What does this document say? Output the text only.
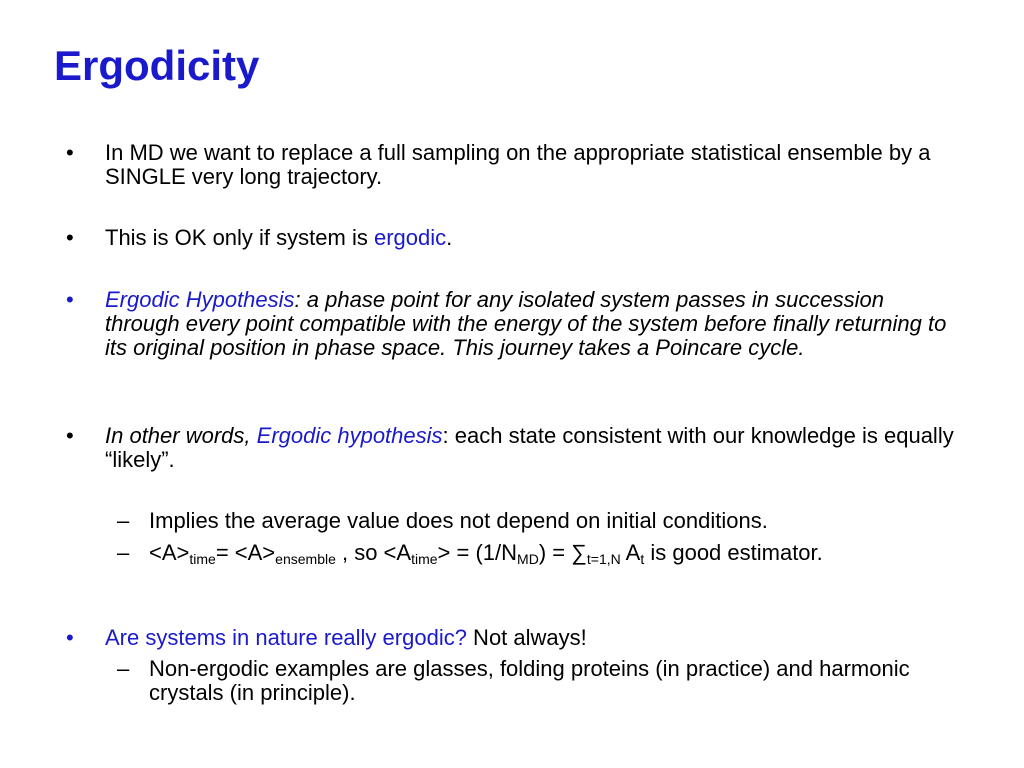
Ergodicity
• In MD we want to replace a full sampling on the appropriate statistical ensemble by a SINGLE very long trajectory.
• This is OK only if system is ergodic.
• Ergodic Hypothesis: a phase point for any isolated system passes in succession through every point compatible with the energy of the system before finally returning to its original position in phase space. This journey takes a Poincare cycle.
• In other words, Ergodic hypothesis: each state consistent with our knowledge is equally “likely”.
– Implies the average value does not depend on initial conditions.
– $<A>_{time}= <A>_{ensemble}$ , so $<A_{time}> = (1/N_{MD}) = \sum_{t=1,N}$ $A_t$ is good estimator.
• Are systems in nature really ergodic? Not always!
– Non-ergodic examples are glasses, folding proteins (in practice) and harmonic crystals (in principle).
